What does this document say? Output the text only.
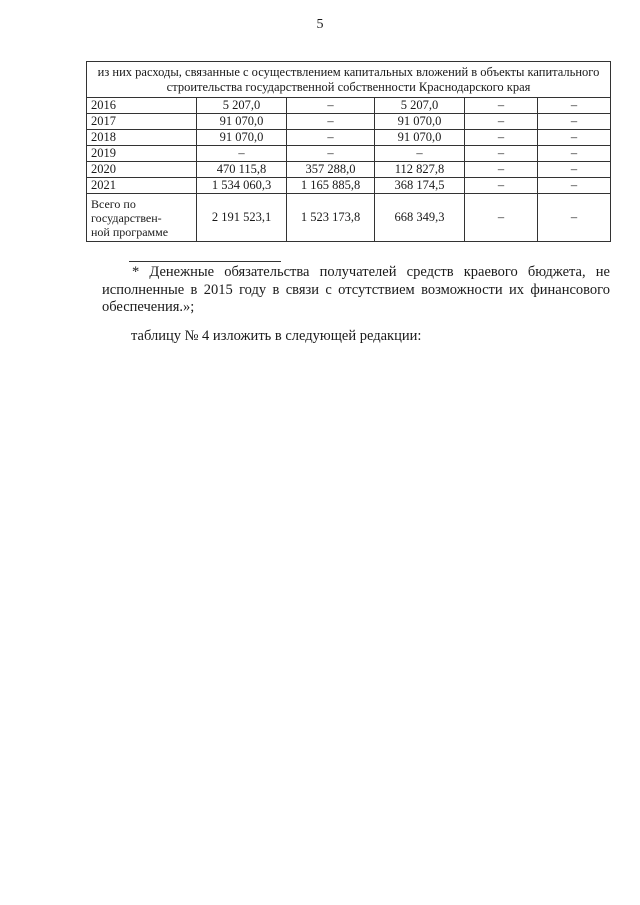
5
из них расходы, связанные с осуществлением капитальных вложений в объекты капитального строительства государственной собственности Краснодарского края					
2016	5 207,0	–	5 207,0	–	–
2017	91 070,0	–	91 070,0	–	–
2018	91 070,0	–	91 070,0	–	–
2019	–	–	–	–	–
2020	470 115,8	357 288,0	112 827,8	–	–
2021	1 534 060,3	1 165 885,8	368 174,5	–	–

Всего по
государствен-
ной программе	2 191 523,1	1 523 173,8	668 349,3	–	–
* Денежные обязательства получателей средств краевого бюджета, не исполненные в 2015 году в связи с отсутствием возможности их финансового обеспечения.»;
таблицу № 4 изложить в следующей редакции:
